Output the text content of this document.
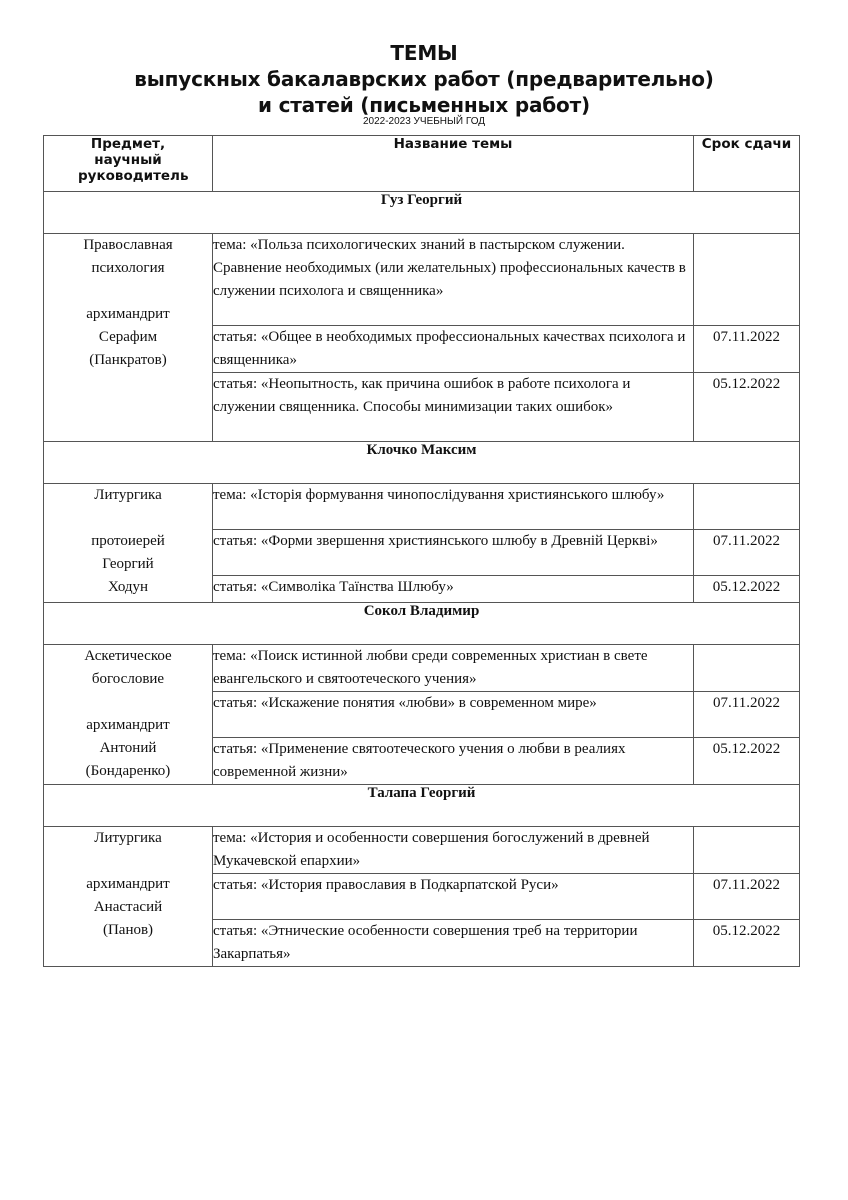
ТЕМЫ
выпускных бакалаврских работ (предварительно)
и статей (письменных работ)
2022-2023 УЧЕБНЫЙ ГОД
Предмет, научный руководитель	Название темы	Срок сдачи
Гуз Георгий		

Православная психология
архимандрит Серафим (Панкратов)	тема: «Польза психологических знаний в пастырском служении. Сравнение необходимых (или желательных) профессиональных качеств в служении психолога и священника»	
	статья: «Общее в необходимых профессиональных качествах психолога и священника»	07.11.2022
	статья: «Неопытность, как причина ошибок в работе психолога и служении священника. Способы минимизации таких ошибок»	05.12.2022
Клочко Максим		

Литургика
протоиерей Георгий Ходун	тема: «Історія формування чинопослідування християнського шлюбу»	
	статья: «Форми звершення християнського шлюбу в Древній Церкві»	07.11.2022
	статья: «Символіка Таїнства Шлюбу»	05.12.2022
Сокол Владимир		

Аскетическое богословие
архимандрит Антоний (Бондаренко)	тема: «Поиск истинной любви среди современных христиан в свете евангельского и святоотеческого учения»	
	статья: «Искажение понятия «любви» в современном мире»	07.11.2022
	статья: «Применение святоотеческого учения о любви в реалиях современной жизни»	05.12.2022
Талапа Георгий		

Литургика
архимандрит Анастасий (Панов)	тема: «История и особенности совершения богослужений в древней Мукачевской епархии»	
	статья: «История православия в Подкарпатской Руси»	07.11.2022
	статья: «Этнические особенности совершения треб на территории Закарпатья»	05.12.2022
